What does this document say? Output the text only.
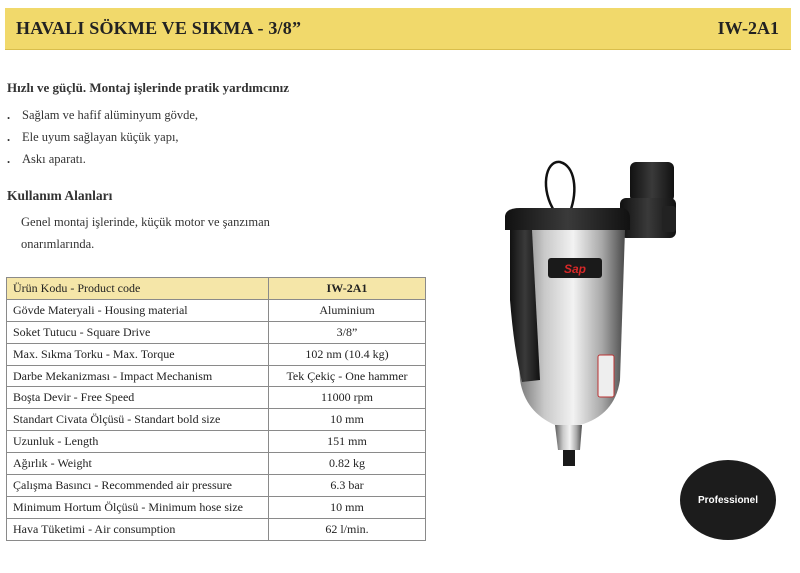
HAVALI SÖKME VE SIKMA - 3/8”	IW-2A1
Hızlı ve güçlü. Montaj işlerinde pratik yardımcınız
. Sağlam ve hafif alüminyum gövde,
. Ele uyum sağlayan küçük yapı,
. Askı aparatı.
Kullanım Alanları
Genel montaj işlerinde, küçük motor ve şanzıman onarımlarında.
Ürün Kodu - Product code	IW-2A1
Gövde Materyali - Housing material	Aluminium
Soket Tutucu - Square Drive	3/8”
Max. Sıkma Torku - Max. Torque	102 nm (10.4 kg)
Darbe Mekanizması - Impact Mechanism	Tek Çekiç - One hammer
Boşta Devir - Free Speed	11000 rpm
Standart Civata Ölçüsü - Standart bold size	10 mm
Uzunluk - Length	151 mm
Ağırlık - Weight	0.82 kg
Çalışma Basıncı - Recommended air pressure	6.3 bar
Minimum Hortum Ölçüsü - Minimum hose size	10 mm
Hava Tüketimi - Air consumption	62 l/min.
Sap
Professionel
